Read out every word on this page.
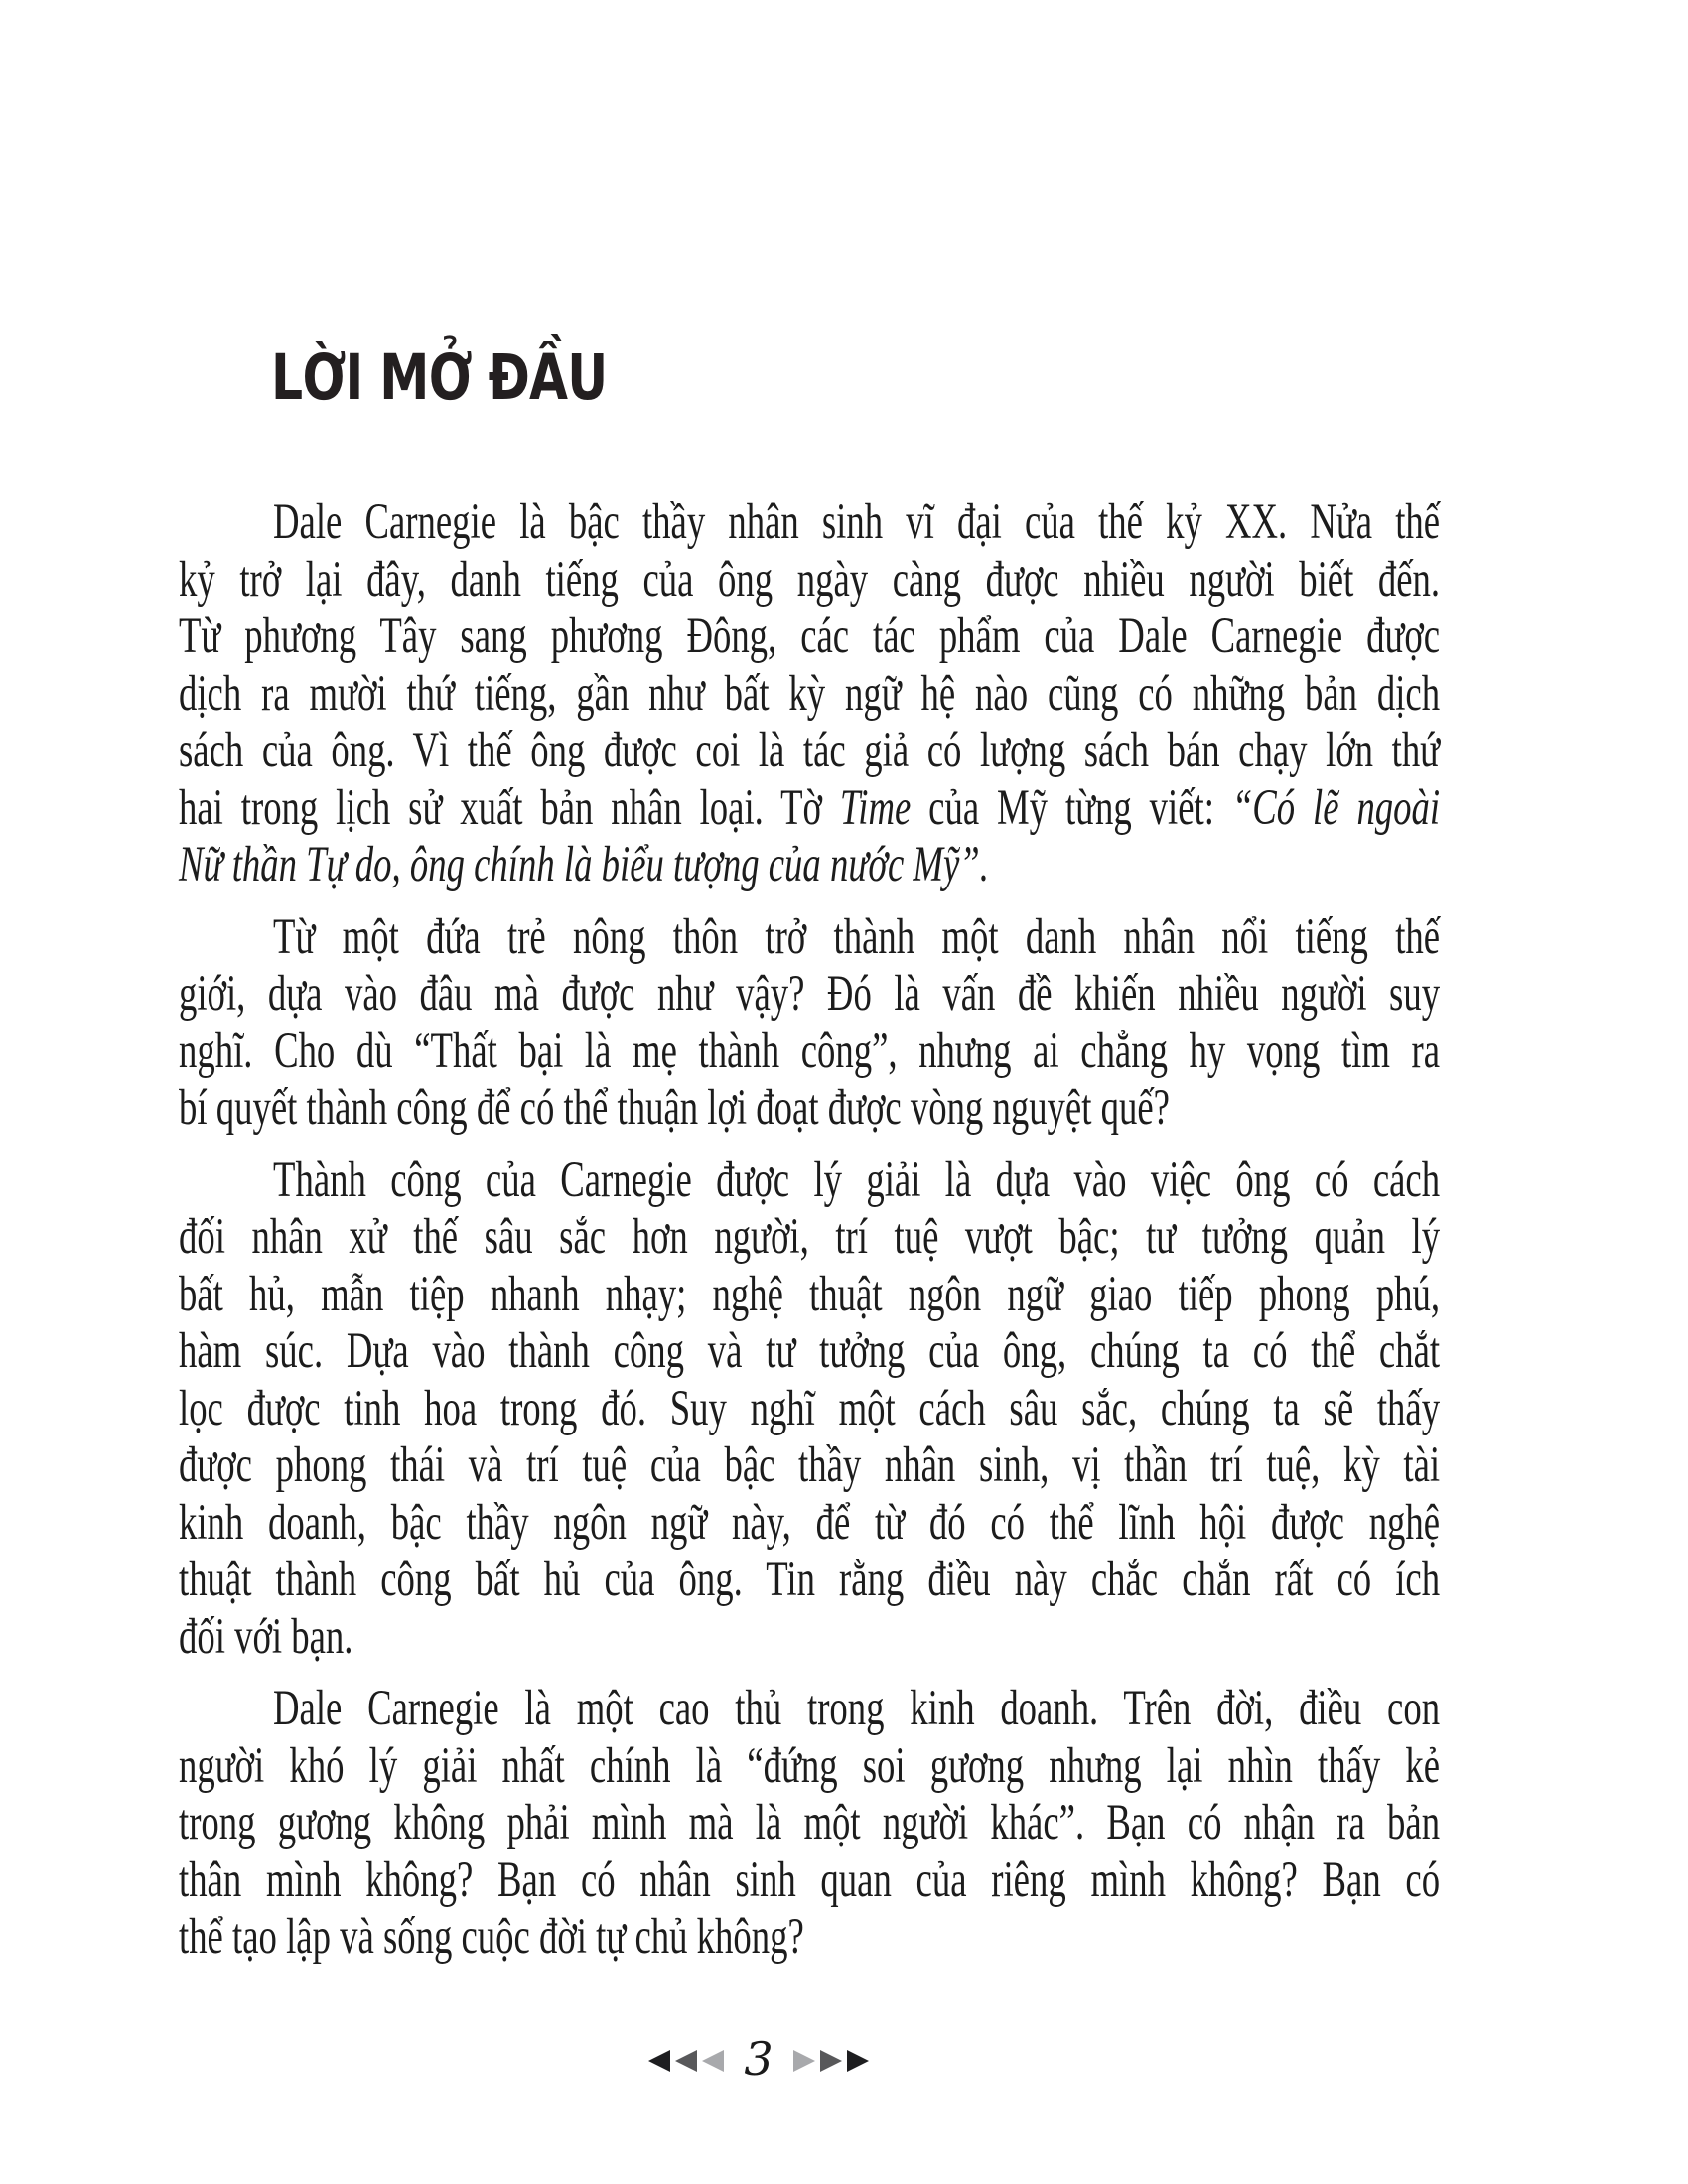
LỜI MỞ ĐẦU
Dale Carnegie là bậc thầy nhân sinh vĩ đại của thế kỷ XX. Nửa thế
kỷ trở lại đây, danh tiếng của ông ngày càng được nhiều người biết đến.
Từ phương Tây sang phương Đông, các tác phẩm của Dale Carnegie được
dịch ra mười thứ tiếng, gần như bất kỳ ngữ hệ nào cũng có những bản dịch
sách của ông. Vì thế ông được coi là tác giả có lượng sách bán chạy lớn thứ
hai trong lịch sử xuất bản nhân loại. Tờ Time của Mỹ từng viết: “Có lẽ ngoài
Nữ thần Tự do, ông chính là biểu tượng của nước Mỹ”.
Từ một đứa trẻ nông thôn trở thành một danh nhân nổi tiếng thế
giới, dựa vào đâu mà được như vậy? Đó là vấn đề khiến nhiều người suy
nghĩ. Cho dù “Thất bại là mẹ thành công”, nhưng ai chẳng hy vọng tìm ra
bí quyết thành công để có thể thuận lợi đoạt được vòng nguyệt quế?
Thành công của Carnegie được lý giải là dựa vào việc ông có cách
đối nhân xử thế sâu sắc hơn người, trí tuệ vượt bậc; tư tưởng quản lý
bất hủ, mẫn tiệp nhanh nhạy; nghệ thuật ngôn ngữ giao tiếp phong phú,
hàm súc. Dựa vào thành công và tư tưởng của ông, chúng ta có thể chắt
lọc được tinh hoa trong đó. Suy nghĩ một cách sâu sắc, chúng ta sẽ thấy
được phong thái và trí tuệ của bậc thầy nhân sinh, vị thần trí tuệ, kỳ tài
kinh doanh, bậc thầy ngôn ngữ này, để từ đó có thể lĩnh hội được nghệ
thuật thành công bất hủ của ông. Tin rằng điều này chắc chắn rất có ích
đối với bạn.
Dale Carnegie là một cao thủ trong kinh doanh. Trên đời, điều con
người khó lý giải nhất chính là “đứng soi gương nhưng lại nhìn thấy kẻ
trong gương không phải mình mà là một người khác”. Bạn có nhận ra bản
thân mình không? Bạn có nhân sinh quan của riêng mình không? Bạn có
thể tạo lập và sống cuộc đời tự chủ không?
3
